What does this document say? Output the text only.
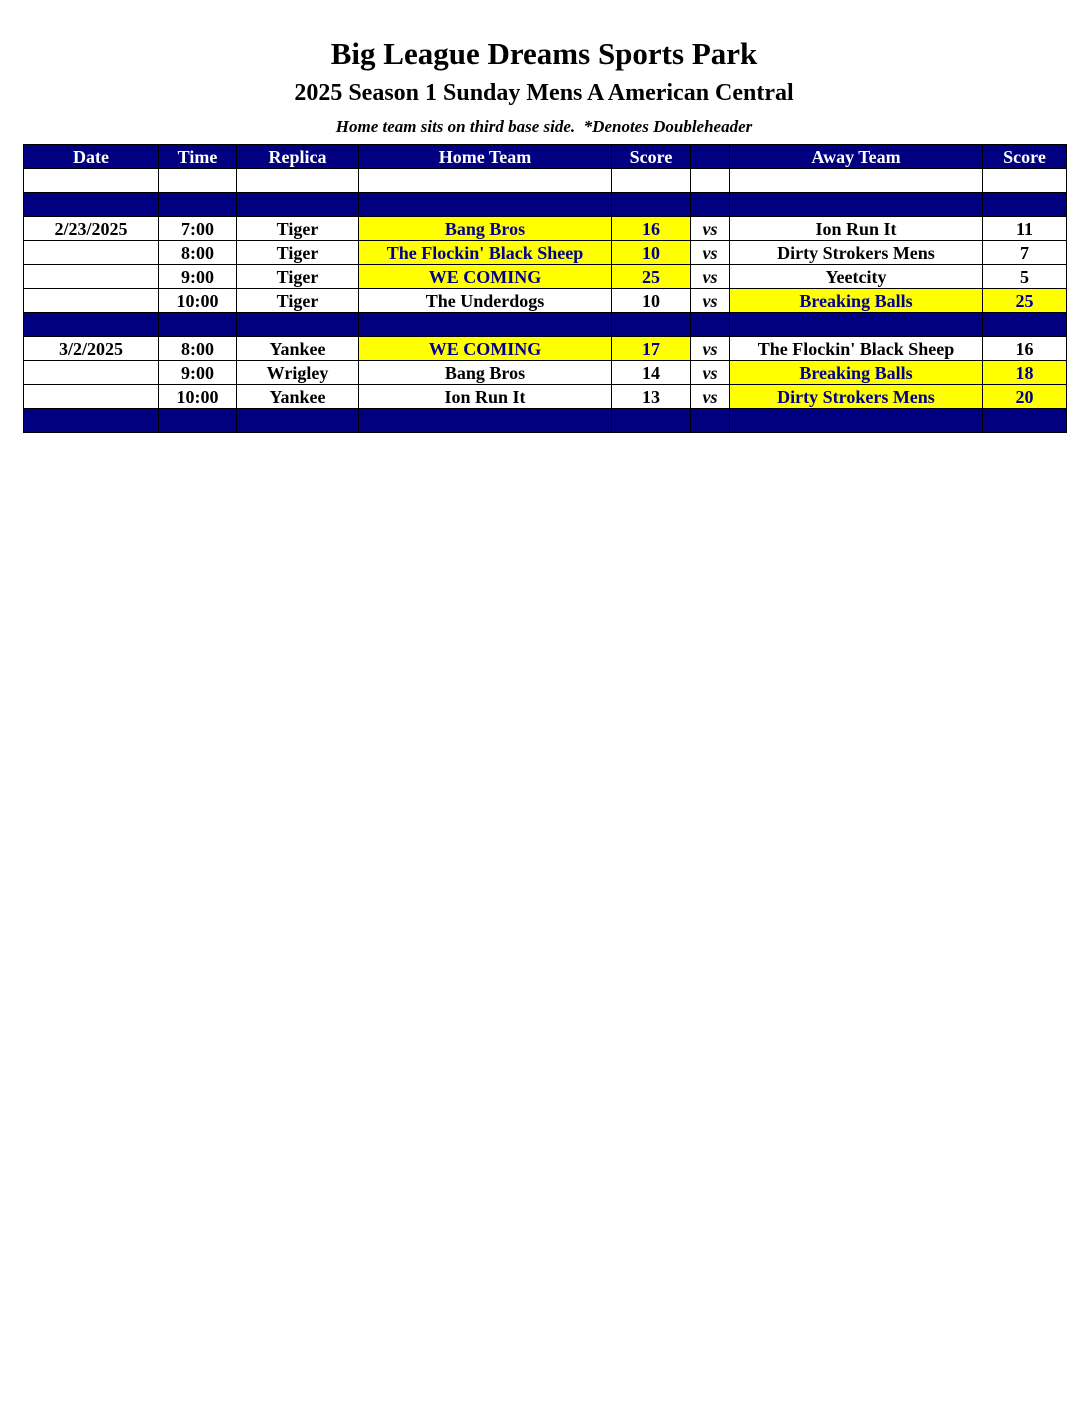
Big League Dreams Sports Park
2025 Season 1 Sunday Mens A American Central
Home team sits on third base side.  *Denotes Doubleheader
Date	Time	Replica	Home Team	Score		Away Team	Score

2/23/2025	7:00	Tiger	Bang Bros	16	vs	Ion Run It	11
	8:00	Tiger	The Flockin' Black Sheep	10	vs	Dirty Strokers Mens	7
	9:00	Tiger	WE COMING	25	vs	Yeetcity	5
	10:00	Tiger	The Underdogs	10	vs	Breaking Balls	25

3/2/2025	8:00	Yankee	WE COMING	17	vs	The Flockin' Black Sheep	16
	9:00	Wrigley	Bang Bros	14	vs	Breaking Balls	18
	10:00	Yankee	Ion Run It	13	vs	Dirty Strokers Mens	20
